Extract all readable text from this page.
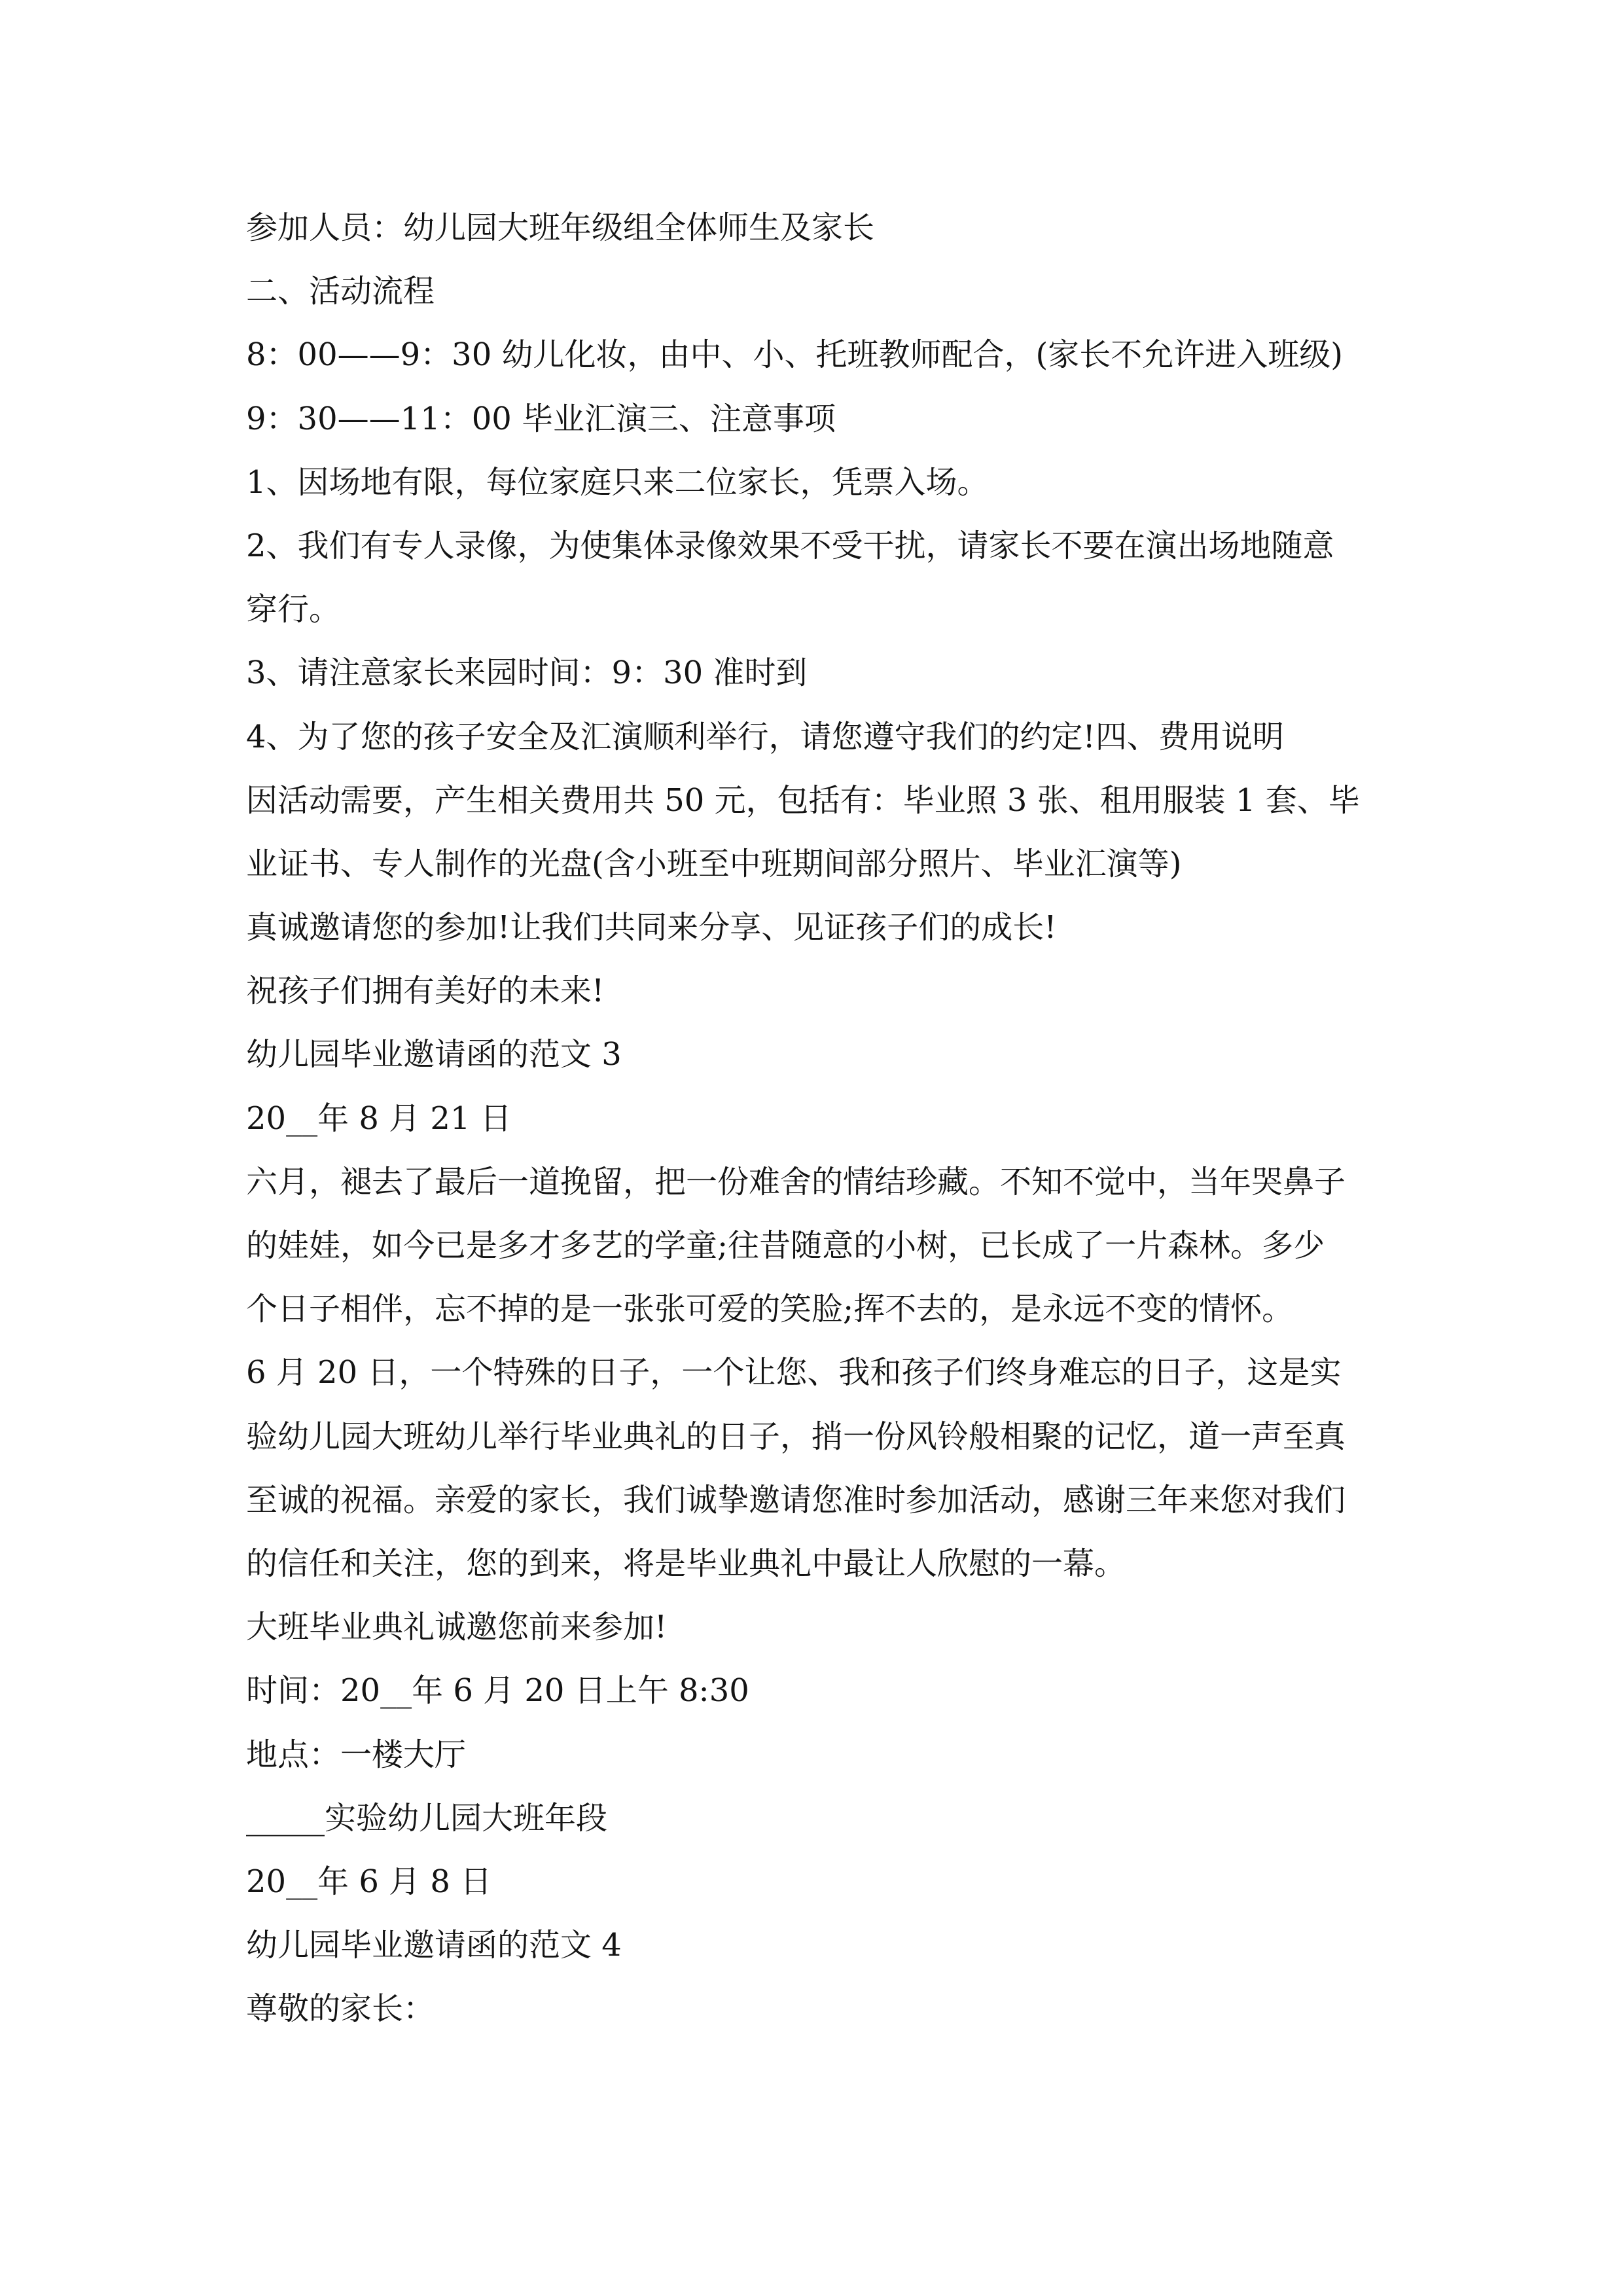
参加人员：幼儿园大班年级组全体师生及家长
二、活动流程
8：00——9：30 幼儿化妆，由中、小、托班教师配合，(家长不允许进入班级)
9：30——11：00 毕业汇演三、注意事项
1、因场地有限，每位家庭只来二位家长，凭票入场。
2、我们有专人录像，为使集体录像效果不受干扰，请家长不要在演出场地随意
穿行。
3、请注意家长来园时间：9：30 准时到
4、为了您的孩子安全及汇演顺利举行，请您遵守我们的约定!四、费用说明
因活动需要，产生相关费用共 50 元，包括有：毕业照 3 张、租用服装 1 套、毕
业证书、专人制作的光盘(含小班至中班期间部分照片、毕业汇演等)
真诚邀请您的参加!让我们共同来分享、见证孩子们的成长!
祝孩子们拥有美好的未来!
幼儿园毕业邀请函的范文 3
20__年 8 月 21 日
六月，褪去了最后一道挽留，把一份难舍的情结珍藏。不知不觉中，当年哭鼻子
的娃娃，如今已是多才多艺的学童;往昔随意的小树，已长成了一片森林。多少
个日子相伴，忘不掉的是一张张可爱的笑脸;挥不去的，是永远不变的情怀。
6 月 20 日，一个特殊的日子，一个让您、我和孩子们终身难忘的日子，这是实
验幼儿园大班幼儿举行毕业典礼的日子，捎一份风铃般相聚的记忆，道一声至真
至诚的祝福。亲爱的家长，我们诚挚邀请您准时参加活动，感谢三年来您对我们
的信任和关注，您的到来，将是毕业典礼中最让人欣慰的一幕。
大班毕业典礼诚邀您前来参加!
时间：20__年 6 月 20 日上午 8:30
地点：一楼大厅
_____实验幼儿园大班年段
20__年 6 月 8 日
幼儿园毕业邀请函的范文 4
尊敬的家长：
